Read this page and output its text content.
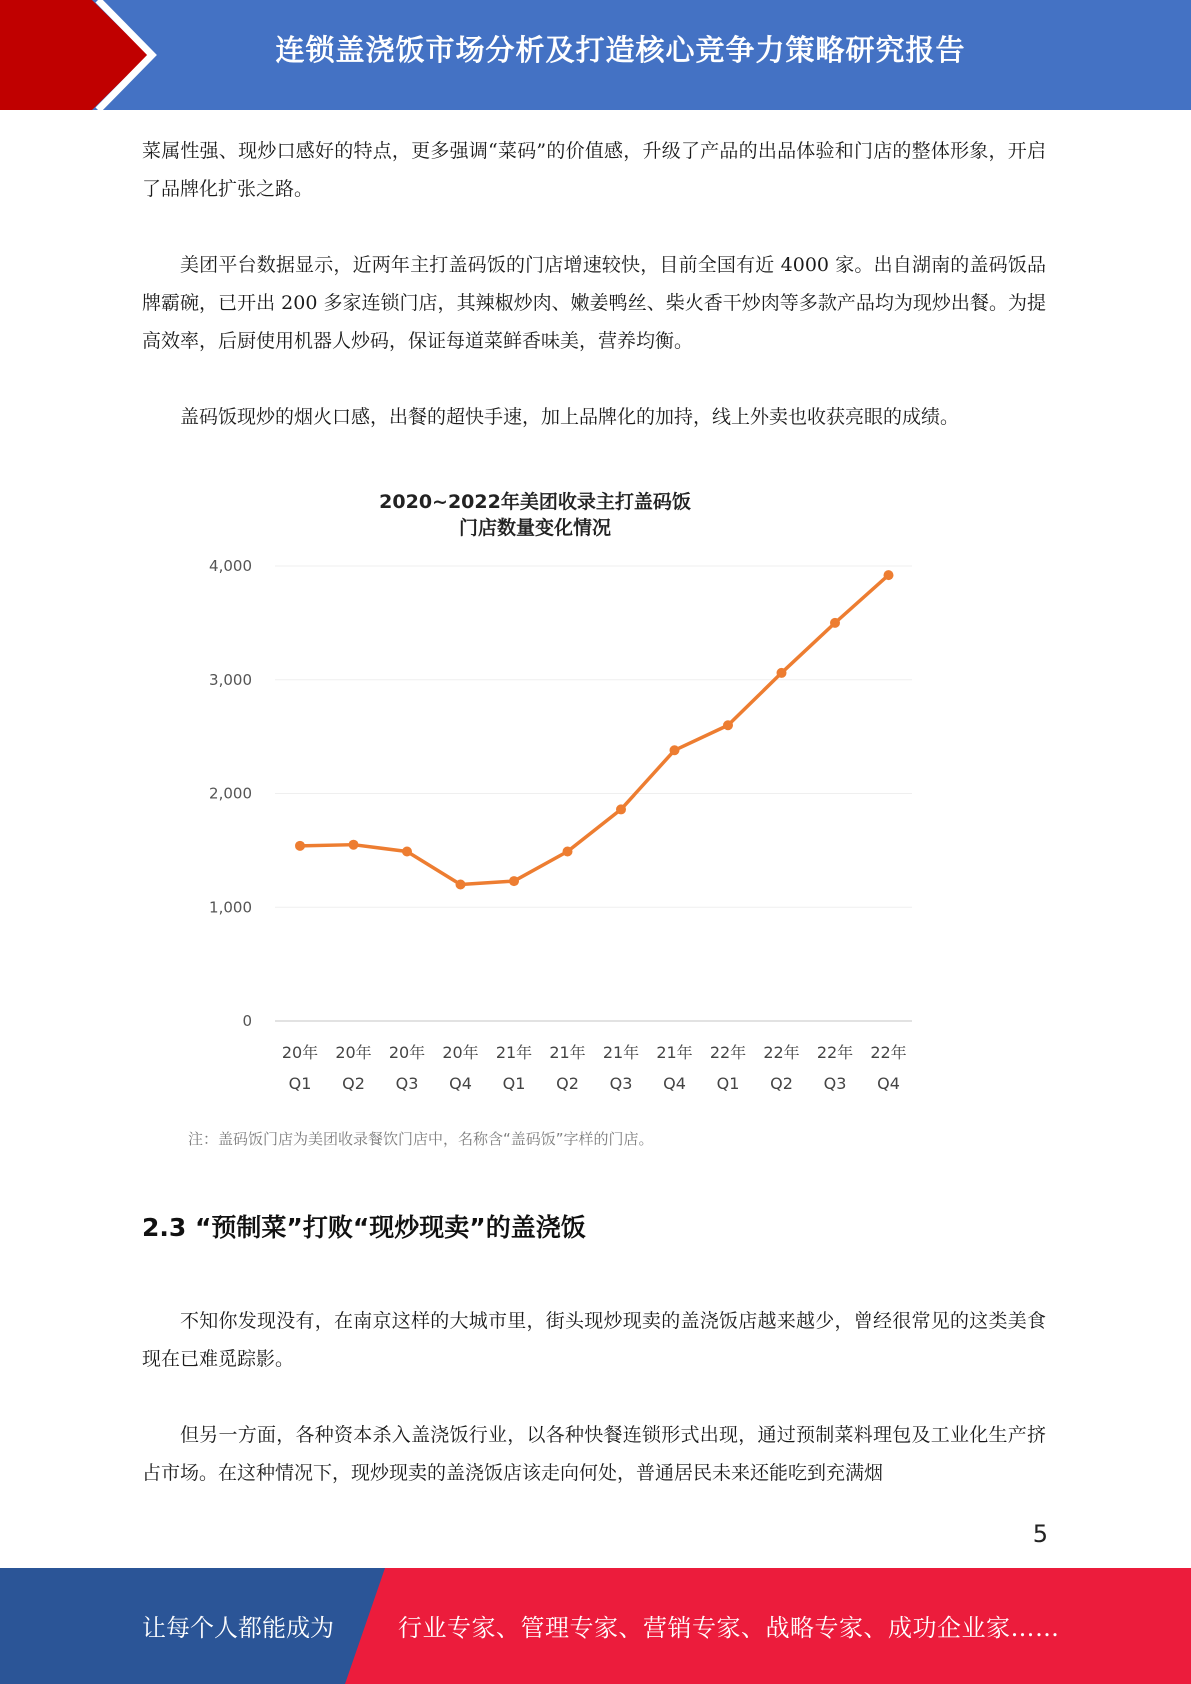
连锁盖浇饭市场分析及打造核心竞争力策略研究报告

菜属性强、现炒口感好的特点，更多强调“菜码”的价值感，升级了产品的出品体验和门店的整体形象，开启了品牌化扩张之路。

美团平台数据显示，近两年主打盖码饭的门店增速较快，目前全国有近 4000 家。出自湖南的盖码饭品牌霸碗，已开出 200 多家连锁门店，其辣椒炒肉、嫩姜鸭丝、柴火香干炒肉等多款产品均为现炒出餐。为提高效率，后厨使用机器人炒码，保证每道菜鲜香味美，营养均衡。

盖码饭现炒的烟火口感，出餐的超快手速，加上品牌化的加持，线上外卖也收获亮眼的成绩。

2020~2022年美团收录主打盖码饭
门店数量变化情况
0
1,000
2,000
3,000
4,000
20年
Q1
20年
Q2
20年
Q3
20年
Q4
21年
Q1
21年
Q2
21年
Q3
21年
Q4
22年
Q1
22年
Q2
22年
Q3
22年
Q4
注：盖码饭门店为美团收录餐饮门店中，名称含“盖码饭”字样的门店。
2.3 “预制菜”打败“现炒现卖”的盖浇饭

不知你发现没有，在南京这样的大城市里，街头现炒现卖的盖浇饭店越来越少，曾经很常见的这类美食现在已难觅踪影。

但另一方面，各种资本杀入盖浇饭行业，以各种快餐连锁形式出现，通过预制菜料理包及工业化生产挤占市场。在这种情况下，现炒现卖的盖浇饭店该走向何处，普通居民未来还能吃到充满烟

5
让每个人都能成为	行业专家、管理专家、营销专家、战略专家、成功企业家……
